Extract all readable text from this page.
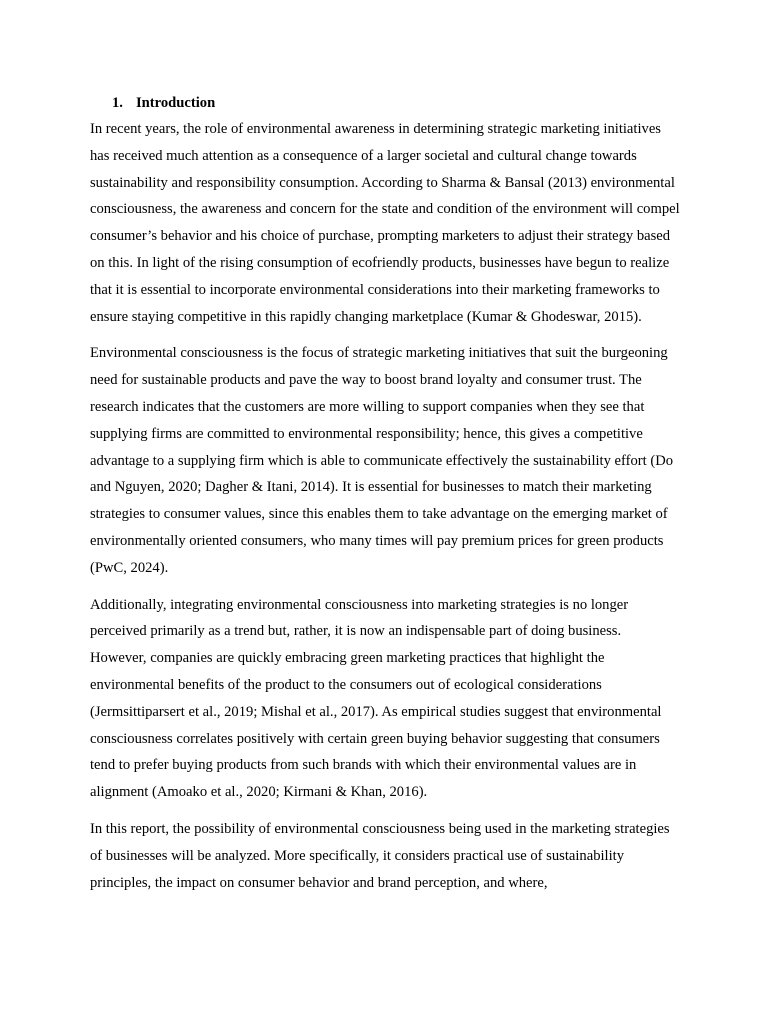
1. Introduction

In recent years, the role of environmental awareness in determining strategic marketing initiatives has received much attention as a consequence of a larger societal and cultural change towards sustainability and responsibility consumption. According to Sharma & Bansal (2013) environmental consciousness, the awareness and concern for the state and condition of the environment will compel consumer’s behavior and his choice of purchase, prompting marketers to adjust their strategy based on this. In light of the rising consumption of ecofriendly products, businesses have begun to realize that it is essential to incorporate environmental considerations into their marketing frameworks to ensure staying competitive in this rapidly changing marketplace (Kumar & Ghodeswar, 2015).

Environmental consciousness is the focus of strategic marketing initiatives that suit the burgeoning need for sustainable products and pave the way to boost brand loyalty and consumer trust. The research indicates that the customers are more willing to support companies when they see that supplying firms are committed to environmental responsibility; hence, this gives a competitive advantage to a supplying firm which is able to communicate effectively the sustainability effort (Do and Nguyen, 2020; Dagher & Itani, 2014). It is essential for businesses to match their marketing strategies to consumer values, since this enables them to take advantage on the emerging market of environmentally oriented consumers, who many times will pay premium prices for green products (PwC, 2024).

Additionally, integrating environmental consciousness into marketing strategies is no longer perceived primarily as a trend but, rather, it is now an indispensable part of doing business. However, companies are quickly embracing green marketing practices that highlight the environmental benefits of the product to the consumers out of ecological considerations (Jermsittiparsert et al., 2019; Mishal et al., 2017). As empirical studies suggest that environmental consciousness correlates positively with certain green buying behavior suggesting that consumers tend to prefer buying products from such brands with which their environmental values are in alignment (Amoako et al., 2020; Kirmani & Khan, 2016).

In this report, the possibility of environmental consciousness being used in the marketing strategies of businesses will be analyzed. More specifically, it considers practical use of sustainability principles, the impact on consumer behavior and brand perception, and where,
